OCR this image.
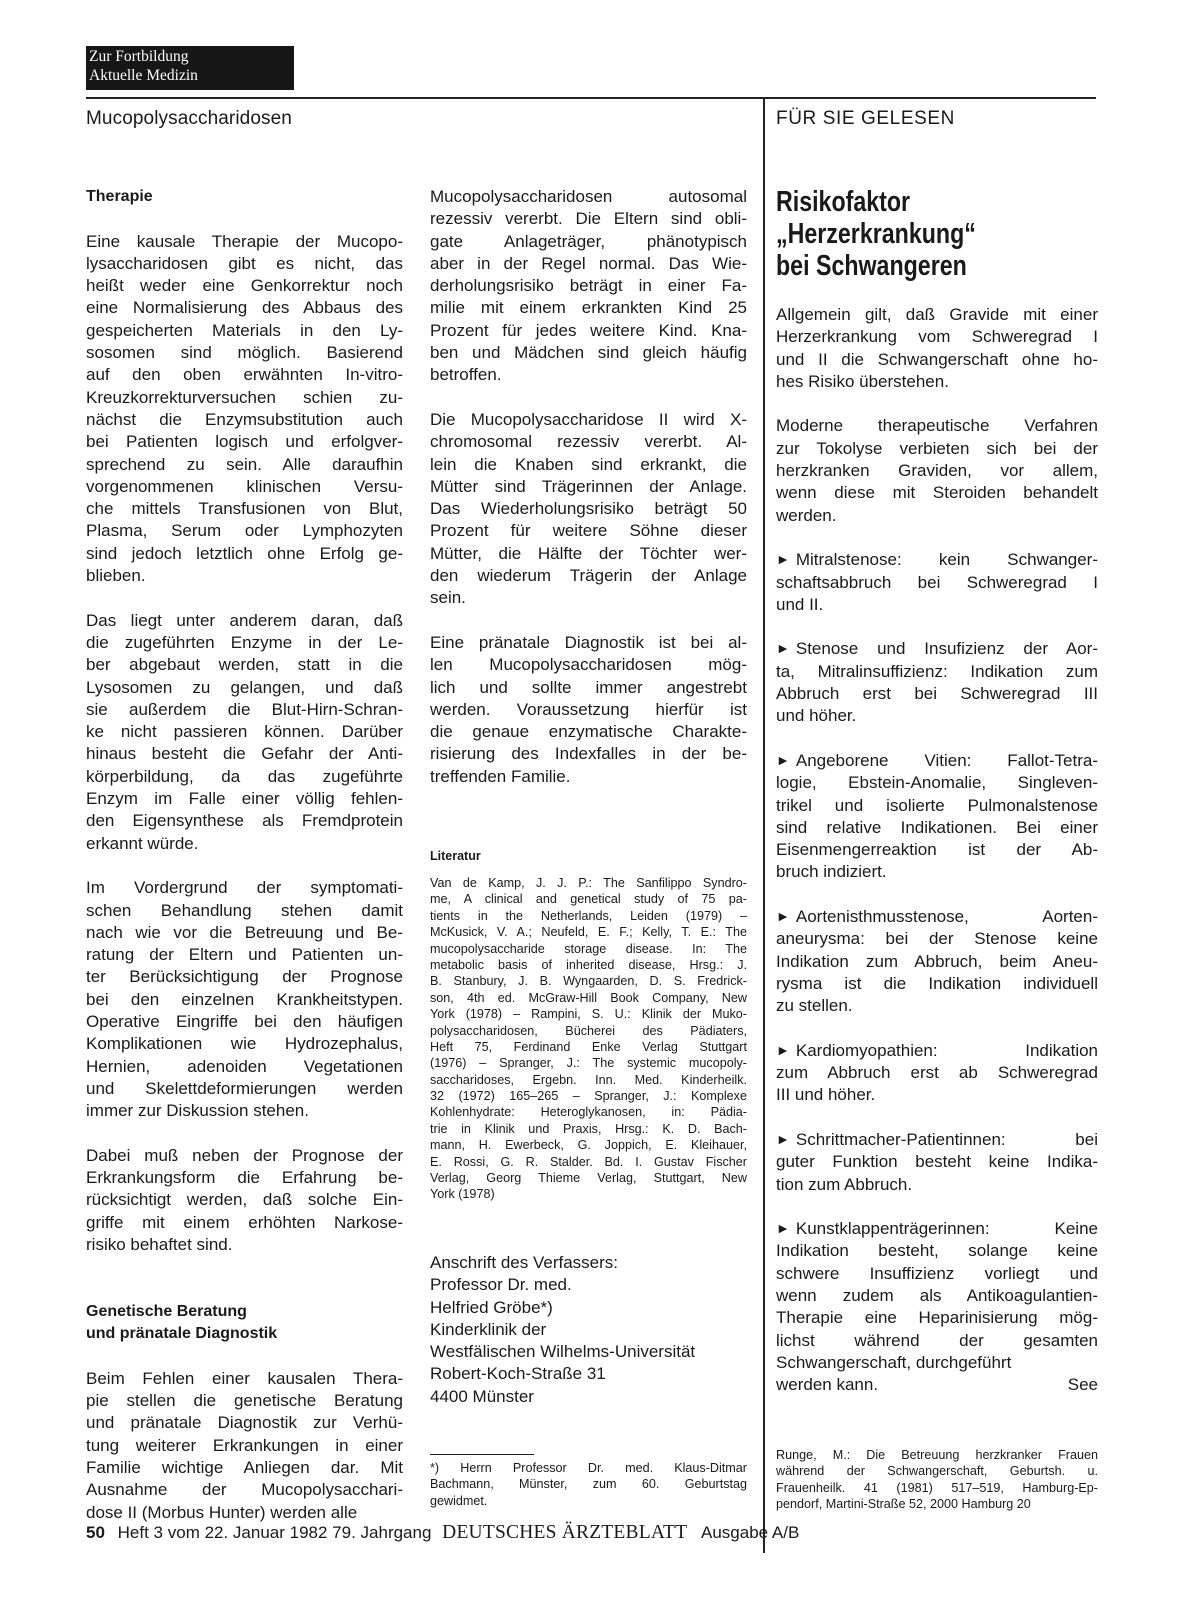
Zur Fortbildung
Aktuelle Medizin
Mucopolysaccharidosen	FÜR SIE GELESEN
Therapie
Eine kausale Therapie der Mucopo-
lysaccharidosen gibt es nicht, das
heißt weder eine Genkorrektur noch
eine Normalisierung des Abbaus des
gespeicherten Materials in den Ly-
sosomen sind möglich. Basierend
auf den oben erwähnten In-vitro-
Kreuzkorrekturversuchen schien zu-
nächst die Enzymsubstitution auch
bei Patienten logisch und erfolgver-
sprechend zu sein. Alle daraufhin
vorgenommenen klinischen Versu-
che mittels Transfusionen von Blut,
Plasma, Serum oder Lymphozyten
sind jedoch letztlich ohne Erfolg ge-
blieben.
Das liegt unter anderem daran, daß
die zugeführten Enzyme in der Le-
ber abgebaut werden, statt in die
Lysosomen zu gelangen, und daß
sie außerdem die Blut-Hirn-Schran-
ke nicht passieren können. Darüber
hinaus besteht die Gefahr der Anti-
körperbildung, da das zugeführte
Enzym im Falle einer völlig fehlen-
den Eigensynthese als Fremdprotein
erkannt würde.
Im Vordergrund der symptomati-
schen Behandlung stehen damit
nach wie vor die Betreuung und Be-
ratung der Eltern und Patienten un-
ter Berücksichtigung der Prognose
bei den einzelnen Krankheitstypen.
Operative Eingriffe bei den häufigen
Komplikationen wie Hydrozephalus,
Hernien, adenoiden Vegetationen
und Skelettdeformierungen werden
immer zur Diskussion stehen.
Dabei muß neben der Prognose der
Erkrankungsform die Erfahrung be-
rücksichtigt werden, daß solche Ein-
griffe mit einem erhöhten Narkose-
risiko behaftet sind.
Genetische Beratung
und pränatale Diagnostik
Beim Fehlen einer kausalen Thera-
pie stellen die genetische Beratung
und pränatale Diagnostik zur Verhü-
tung weiterer Erkrankungen in einer
Familie wichtige Anliegen dar. Mit
Ausnahme der Mucopolysacchari-
dose II (Morbus Hunter) werden alle
Mucopolysaccharidosen autosomal
rezessiv vererbt. Die Eltern sind obli-
gate Anlageträger, phänotypisch
aber in der Regel normal. Das Wie-
derholungsrisiko beträgt in einer Fa-
milie mit einem erkrankten Kind 25
Prozent für jedes weitere Kind. Kna-
ben und Mädchen sind gleich häufig
betroffen.
Die Mucopolysaccharidose II wird X-
chromosomal rezessiv vererbt. Al-
lein die Knaben sind erkrankt, die
Mütter sind Trägerinnen der Anlage.
Das Wiederholungsrisiko beträgt 50
Prozent für weitere Söhne dieser
Mütter, die Hälfte der Töchter wer-
den wiederum Trägerin der Anlage
sein.
Eine pränatale Diagnostik ist bei al-
len Mucopolysaccharidosen mög-
lich und sollte immer angestrebt
werden. Voraussetzung hierfür ist
die genaue enzymatische Charakte-
risierung des Indexfalles in der be-
treffenden Familie.
Literatur
Van de Kamp, J. J. P.: The Sanfilippo Syndro-
me, A clinical and genetical study of 75 pa-
tients in the Netherlands, Leiden (1979) –
McKusick, V. A.; Neufeld, E. F.; Kelly, T. E.: The
mucopolysaccharide storage disease. In: The
metabolic basis of inherited disease, Hrsg.: J.
B. Stanbury, J. B. Wyngaarden, D. S. Fredrick-
son, 4th ed. McGraw-Hill Book Company, New
York (1978) – Rampini, S. U.: Klinik der Muko-
polysaccharidosen, Bücherei des Pädiaters,
Heft 75, Ferdinand Enke Verlag Stuttgart
(1976) – Spranger, J.: The systemic mucopoly-
saccharidoses, Ergebn. Inn. Med. Kinderheilk.
32 (1972) 165–265 – Spranger, J.: Komplexe
Kohlenhydrate: Heteroglykanosen, in: Pädia-
trie in Klinik und Praxis, Hrsg.: K. D. Bach-
mann, H. Ewerbeck, G. Joppich, E. Kleihauer,
E. Rossi, G. R. Stalder. Bd. I. Gustav Fischer
Verlag, Georg Thieme Verlag, Stuttgart, New
York (1978)
Anschrift des Verfassers:
Professor Dr. med.
Helfried Gröbe*)
Kinderklinik der
Westfälischen Wilhelms-Universität
Robert-Koch-Straße 31
4400 Münster
*) Herrn Professor Dr. med. Klaus-Ditmar
Bachmann, Münster, zum 60. Geburtstag
gewidmet.
Risikofaktor
„Herzerkrankung“
bei Schwangeren
Allgemein gilt, daß Gravide mit einer
Herzerkrankung vom Schweregrad I
und II die Schwangerschaft ohne ho-
hes Risiko überstehen.
Moderne therapeutische Verfahren
zur Tokolyse verbieten sich bei der
herzkranken Graviden, vor allem,
wenn diese mit Steroiden behandelt
werden.
► Mitralstenose: kein Schwanger-
schaftsabbruch bei Schweregrad I
und II.
► Stenose und Insufizienz der Aor-
ta, Mitralinsuffizienz: Indikation zum
Abbruch erst bei Schweregrad III
und höher.
► Angeborene Vitien: Fallot-Tetra-
logie, Ebstein-Anomalie, Singleven-
trikel und isolierte Pulmonalstenose
sind relative Indikationen. Bei einer
Eisenmengerreaktion ist der Ab-
bruch indiziert.
► Aortenisthmusstenose, Aorten-
aneurysma: bei der Stenose keine
Indikation zum Abbruch, beim Aneu-
rysma ist die Indikation individuell
zu stellen.
► Kardiomyopathien: Indikation
zum Abbruch erst ab Schweregrad
III und höher.
► Schrittmacher-Patientinnen: bei
guter Funktion besteht keine Indika-
tion zum Abbruch.
► Kunstklappenträgerinnen: Keine
Indikation besteht, solange keine
schwere Insuffizienz vorliegt und
wenn zudem als Antikoagulantien-
Therapie eine Heparinisierung mög-
lichst während der gesamten
Schwangerschaft, durchgeführt
werden kann.	See
Runge, M.: Die Betreuung herzkranker Frauen
während der Schwangerschaft, Geburtsh. u.
Frauenheilk. 41 (1981) 517–519, Hamburg-Ep-
pendorf, Martini-Straße 52, 2000 Hamburg 20
50 Heft 3 vom 22. Januar 1982 79. Jahrgang DEUTSCHES ÄRZTEBLATT Ausgabe A/B
